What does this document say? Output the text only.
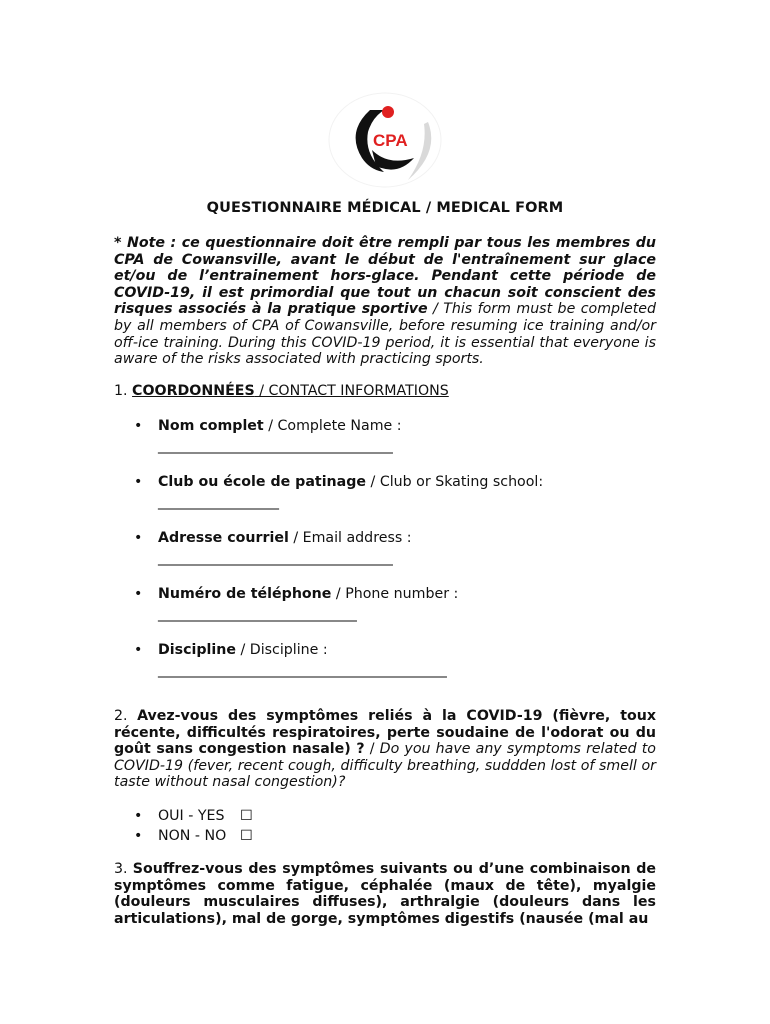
CPA
QUESTIONNAIRE MÉDICAL / MEDICAL FORM
* Note : ce questionnaire doit être rempli par tous les membres du CPA de Cowansville, avant le début de l'entraînement sur glace et/ou de l’entrainement hors-glace. Pendant cette période de COVID-19, il est primordial que tout un chacun soit conscient des risques associés à la pratique sportive / This form must be completed by all members of CPA of Cowansville, before resuming ice training and/or off-ice training. During this COVID-19 period, it is essential that everyone is aware of the risks associated with practicing sports.
1. COORDONNÉES / CONTACT INFORMATIONS
• Nom complet / Complete Name :
_______________________________________
• Club ou école de patinage / Club or Skating school:
____________________
• Adresse courriel / Email address :
_______________________________________
• Numéro de téléphone / Phone number :
_________________________________
• Discipline / Discipline :
________________________________________________
2. Avez-vous des symptômes reliés à la COVID-19 (fièvre, toux récente, difficultés respiratoires, perte soudaine de l'odorat ou du goût sans congestion nasale) ? / Do you have any symptoms related to COVID-19 (fever, recent cough, difficulty breathing, suddden lost of smell or taste without nasal congestion)?
• OUI - YES ☐
• NON - NO ☐
3. Souffrez-vous des symptômes suivants ou d’une combinaison de symptômes comme fatigue, céphalée (maux de tête), myalgie (douleurs musculaires diffuses), arthralgie (douleurs dans les articulations), mal de gorge, symptômes digestifs (nausée (mal au
